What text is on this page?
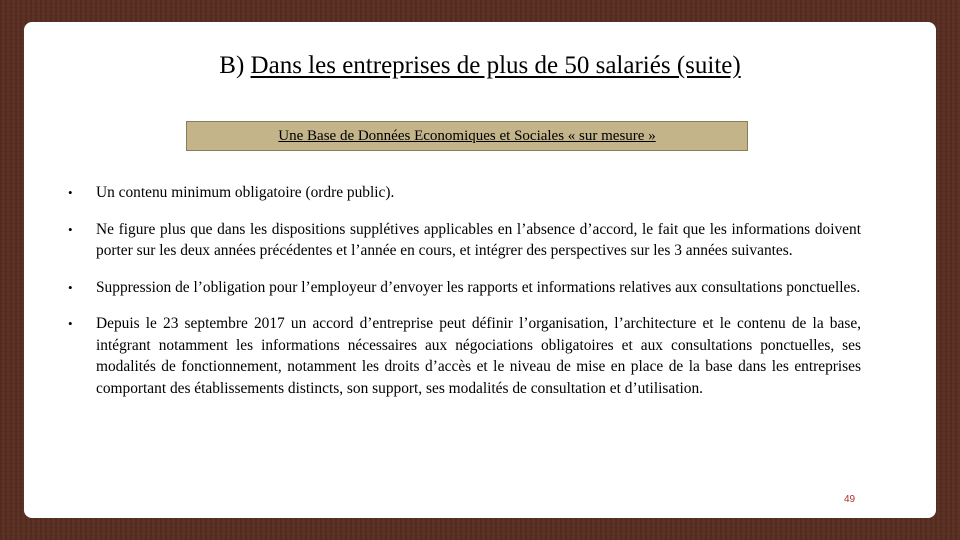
B) Dans les entreprises de plus de 50 salariés (suite)
Une Base de Données Economiques et Sociales « sur mesure »
• Un contenu minimum obligatoire (ordre public).
• Ne figure plus que dans les dispositions supplétives applicables en l’absence d’accord, le fait que les informations doivent porter sur les deux années précédentes et l’année en cours, et intégrer des perspectives sur les 3 années suivantes.
• Suppression de l’obligation pour l’employeur d’envoyer les rapports et informations relatives aux consultations ponctuelles.
• Depuis le 23 septembre 2017 un accord d’entreprise peut définir l’organisation, l’architecture et le contenu de la base, intégrant notamment les informations nécessaires aux négociations obligatoires et aux consultations ponctuelles, ses modalités de fonctionnement, notamment les droits d’accès et le niveau de mise en place de la base dans les entreprises comportant des établissements distincts, son support, ses modalités de consultation et d’utilisation.
49
